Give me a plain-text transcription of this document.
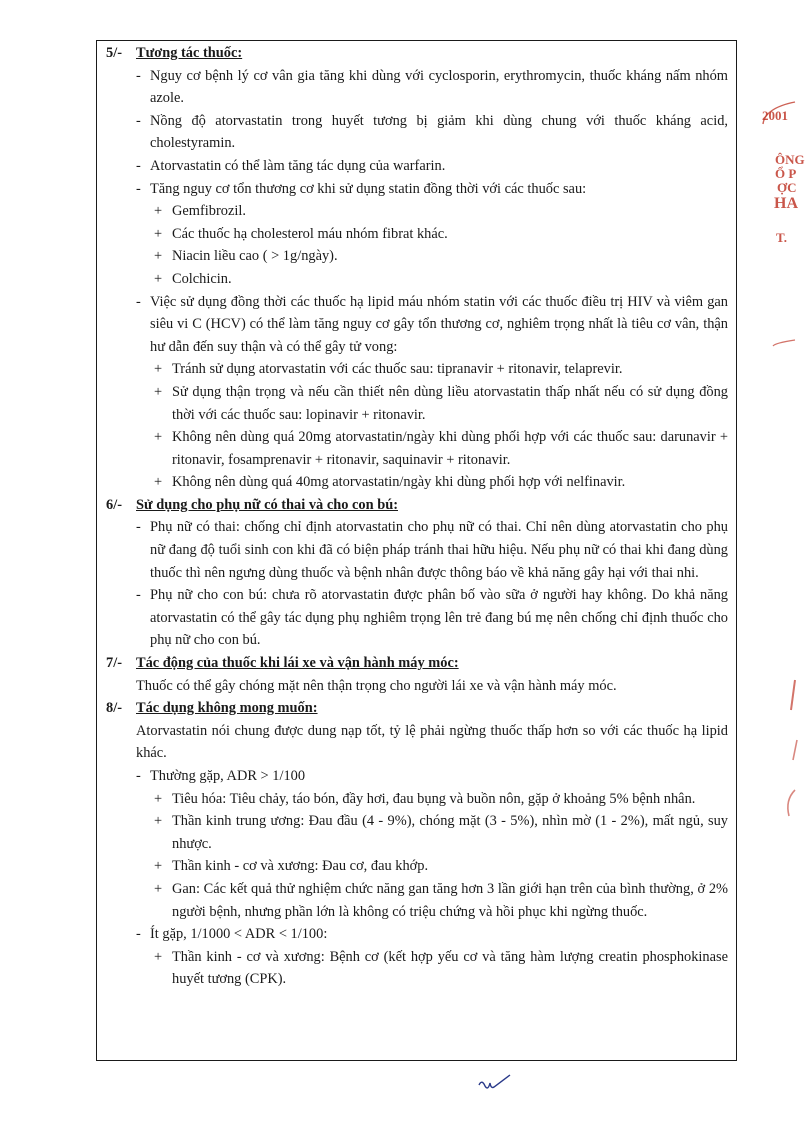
5/- Tương tác thuốc:
- Nguy cơ bệnh lý cơ vân gia tăng khi dùng với cyclosporin, erythromycin, thuốc kháng nấm nhóm azole.
- Nồng độ atorvastatin trong huyết tương bị giảm khi dùng chung với thuốc kháng acid, cholestyramin.
- Atorvastatin có thể làm tăng tác dụng của warfarin.
- Tăng nguy cơ tổn thương cơ khi sử dụng statin đồng thời với các thuốc sau:
+ Gemfibrozil.
+ Các thuốc hạ cholesterol máu nhóm fibrat khác.
+ Niacin liều cao ( > 1g/ngày).
+ Colchicin.
- Việc sử dụng đồng thời các thuốc hạ lipid máu nhóm statin với các thuốc điều trị HIV và viêm gan siêu vi C (HCV) có thể làm tăng nguy cơ gây tổn thương cơ, nghiêm trọng nhất là tiêu cơ vân, thận hư dẫn đến suy thận và có thể gây tử vong:
+ Tránh sử dụng atorvastatin với các thuốc sau: tipranavir + ritonavir, telaprevir.
+ Sử dụng thận trọng và nếu cần thiết nên dùng liều atorvastatin thấp nhất nếu có sử dụng đồng thời với các thuốc sau: lopinavir + ritonavir.
+ Không nên dùng quá 20mg atorvastatin/ngày khi dùng phối hợp với các thuốc sau: darunavir + ritonavir, fosamprenavir + ritonavir, saquinavir + ritonavir.
+ Không nên dùng quá 40mg atorvastatin/ngày khi dùng phối hợp với nelfinavir.
6/- Sử dụng cho phụ nữ có thai và cho con bú:
- Phụ nữ có thai: chống chỉ định atorvastatin cho phụ nữ có thai. Chỉ nên dùng atorvastatin cho phụ nữ đang độ tuổi sinh con khi đã có biện pháp tránh thai hữu hiệu. Nếu phụ nữ có thai khi đang dùng thuốc thì nên ngưng dùng thuốc và bệnh nhân được thông báo về khả năng gây hại với thai nhi.
- Phụ nữ cho con bú: chưa rõ atorvastatin được phân bố vào sữa ở người hay không. Do khả năng atorvastatin có thể gây tác dụng phụ nghiêm trọng lên trẻ đang bú mẹ nên chống chỉ định thuốc cho phụ nữ cho con bú.
7/- Tác động của thuốc khi lái xe và vận hành máy móc:
Thuốc có thể gây chóng mặt nên thận trọng cho người lái xe và vận hành máy móc.
8/- Tác dụng không mong muốn:
Atorvastatin nói chung được dung nạp tốt, tỷ lệ phải ngừng thuốc thấp hơn so với các thuốc hạ lipid khác.
- Thường gặp, ADR > 1/100
+ Tiêu hóa: Tiêu chảy, táo bón, đầy hơi, đau bụng và buồn nôn, gặp ở khoảng 5% bệnh nhân.
+ Thần kinh trung ương: Đau đầu (4 - 9%), chóng mặt (3 - 5%), nhìn mờ (1 - 2%), mất ngủ, suy nhược.
+ Thần kinh - cơ và xương: Đau cơ, đau khớp.
+ Gan: Các kết quả thử nghiệm chức năng gan tăng hơn 3 lần giới hạn trên của bình thường, ở 2% người bệnh, nhưng phần lớn là không có triệu chứng và hồi phục khi ngừng thuốc.
- Ít gặp, 1/1000 < ADR < 1/100:
+ Thần kinh - cơ và xương: Bệnh cơ (kết hợp yếu cơ và tăng hàm lượng creatin phosphokinase huyết tương (CPK).
2001
ÔNG
Ổ P
ỢC
HA
T.
